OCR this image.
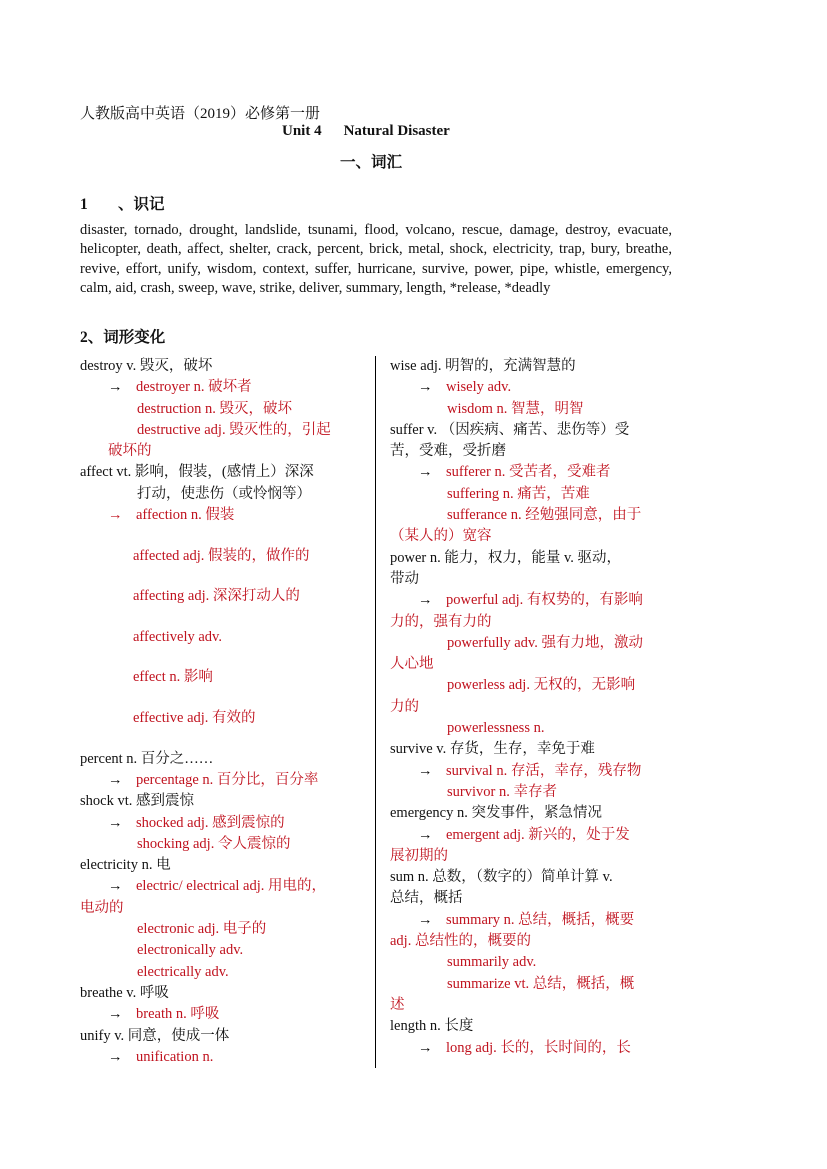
人教版高中英语（2019）必修第一册
Unit 4 Natural Disaster
一、词汇
1 、识记
disaster, tornado, drought, landslide, tsunami, flood, volcano, rescue, damage, destroy, evacuate, helicopter, death, affect, shelter, crack, percent, brick, metal, shock, electricity, trap, bury, breathe, revive, effort, unify, wisdom, context, suffer, hurricane, survive, power, pipe, whistle, emergency, calm, aid, crash, sweep, wave, strike, deliver, summary, length, *release, *deadly
2、词形变化
destroy v. 毁灭，破坏
→ destroyer n. 破坏者
destruction n. 毁灭，破坏
destructive adj. 毁灭性的，引起
破坏的
affect vt. 影响，假装，(感情上）深深
打动，使悲伤（或怜悯等）
→ affection n. 假装
affected adj. 假装的，做作的
affecting adj. 深深打动人的
affectively adv.
effect n. 影响
effective adj. 有效的
percent n. 百分之……
→ percentage n. 百分比，百分率
shock vt. 感到震惊
→ shocked adj. 感到震惊的
shocking adj. 令人震惊的
electricity n. 电
→ electric/ electrical adj. 用电的，
电动的
electronic adj. 电子的
electronically adv.
electrically adv.
breathe v. 呼吸
→ breath n. 呼吸
unify v. 同意，使成一体
→ unification n.
wise adj. 明智的，充满智慧的
→ wisely adv.
wisdom n. 智慧，明智
suffer v. （因疾病、痛苦、悲伤等）受
苦，受难，受折磨
→ sufferer n. 受苦者，受难者
suffering n. 痛苦，苦难
sufferance n. 经勉强同意，由于
（某人的）宽容
power n. 能力，权力，能量 v. 驱动，
带动
→ powerful adj. 有权势的，有影响
力的，强有力的
powerfully adv. 强有力地，激动
人心地
powerless adj. 无权的，无影响
力的
powerlessness n.
survive v. 存货，生存，幸免于难
→ survival n. 存活，幸存，残存物
survivor n. 幸存者
emergency n. 突发事件，紧急情况
→ emergent adj. 新兴的，处于发
展初期的
sum n. 总数，（数字的）简单计算 v.
总结，概括
→ summary n. 总结，概括，概要
adj. 总结性的，概要的
summarily adv.
summarize vt. 总结，概括，概
述
length n. 长度
→ long adj. 长的，长时间的，长
